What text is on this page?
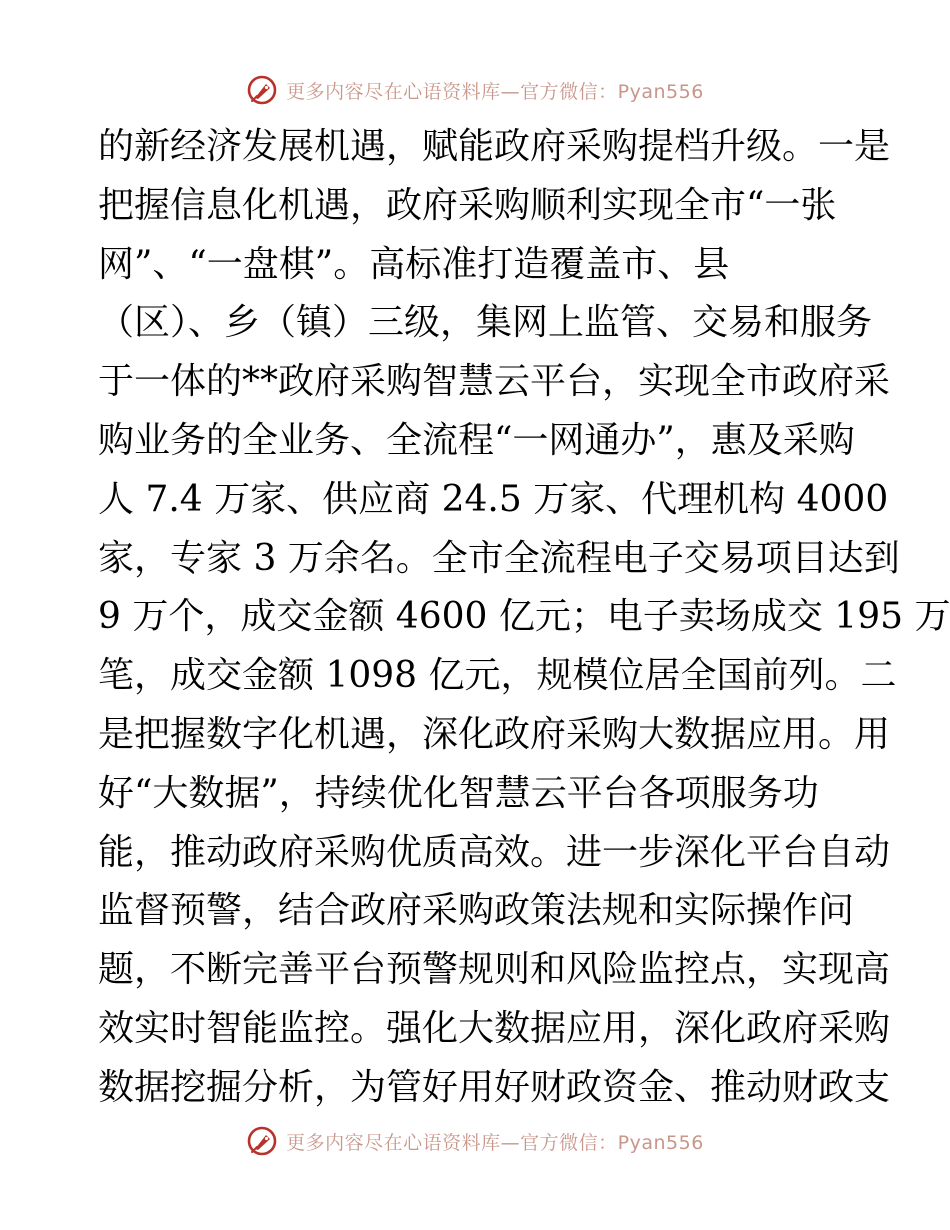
更多内容尽在心语资料库—官方微信：Pyan556
的新经济发展机遇，赋能政府采购提档升级。一是
把握信息化机遇，政府采购顺利实现全市“一张
网”、“一盘棋”。高标准打造覆盖市、县
（区）、乡（镇）三级，集网上监管、交易和服务
于一体的**政府采购智慧云平台，实现全市政府采
购业务的全业务、全流程“一网通办”，惠及采购
人 7.4 万家、供应商 24.5 万家、代理机构 4000
家，专家 3 万余名。全市全流程电子交易项目达到
9 万个，成交金额 4600 亿元；电子卖场成交 195 万
笔，成交金额 1098 亿元，规模位居全国前列。二
是把握数字化机遇，深化政府采购大数据应用。用
好“大数据”，持续优化智慧云平台各项服务功
能，推动政府采购优质高效。进一步深化平台自动
监督预警，结合政府采购政策法规和实际操作问
题，不断完善平台预警规则和风险监控点，实现高
效实时智能监控。强化大数据应用，深化政府采购
数据挖掘分析，为管好用好财政资金、推动财政支
更多内容尽在心语资料库—官方微信：Pyan556
